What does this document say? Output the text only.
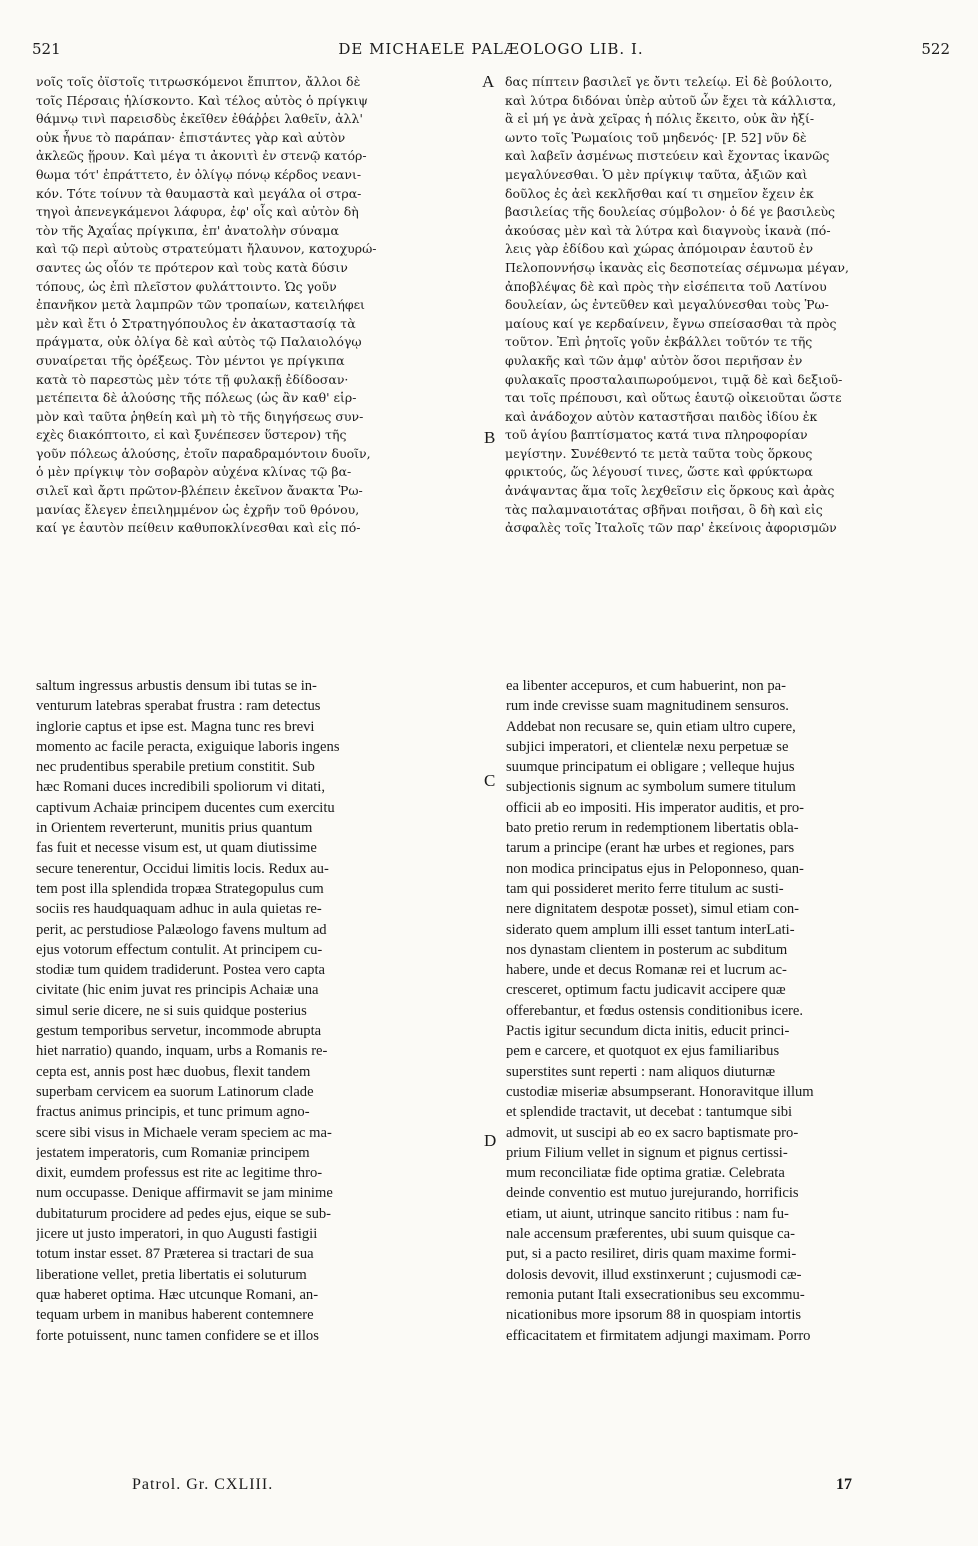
521	DE MICHAELE PALÆOLOGO LIB. I.	522
νοῖς τοῖς ὀϊστοῖς τιτρωσκόμενοι ἔπιπτον, ἄλλοι δὲ
τοῖς Πέρσαις ἡλίσκοντο. Καὶ τέλος αὐτὸς ὁ πρίγκιψ
θάμνῳ τινὶ παρεισδὺς ἐκεῖθεν ἐθάῤῥει λαθεῖν, ἀλλ'
οὐκ ἦνυε τὸ παράπαν· ἐπιστάντες γὰρ καὶ αὐτὸν
ἀκλεῶς ᾕρουν. Καὶ μέγα τι ἀκονιτὶ ἐν στενῷ κατόρ-
θωμα τότ' ἐπράττετο, ἐν ὀλίγῳ πόνῳ κέρδος νεανι-
κόν. Τότε τοίνυν τὰ θαυμαστὰ καὶ μεγάλα οἱ στρα-
τηγοὶ ἀπενεγκάμενοι λάφυρα, ἐφ' οἷς καὶ αὐτὸν δὴ
τὸν τῆς Ἀχαΐας πρίγκιπα, ἐπ' ἀνατολὴν σύναμα
καὶ τῷ περὶ αὐτοὺς στρατεύματι ἤλαυνον, κατοχυρώ-
σαντες ὡς οἷόν τε πρότερον καὶ τοὺς κατὰ δύσιν
τόπους, ὡς ἐπὶ πλεῖστον φυλάττοιντο. Ὡς γοῦν
ἐπανῆκον μετὰ λαμπρῶν τῶν τροπαίων, κατειλήφει
μὲν καὶ ἔτι ὁ Στρατηγόπουλος ἐν ἀκαταστασίᾳ τὰ
πράγματα, οὐκ ὀλίγα δὲ καὶ αὐτὸς τῷ Παλαιολόγῳ
συναίρεται τῆς ὀρέξεως. Τὸν μέντοι γε πρίγκιπα
κατὰ τὸ παρεστὼς μὲν τότε τῇ φυλακῇ ἐδίδοσαν·
μετέπειτα δὲ ἁλούσης τῆς πόλεως (ὡς ἂν καθ' εἱρ-
μὸν καὶ ταῦτα ῥηθείη καὶ μὴ τὸ τῆς διηγήσεως συν-
εχὲς διακόπτοιτο, εἰ καὶ ξυνέπεσεν ὕστερον) τῆς
γοῦν πόλεως ἁλούσης, ἐτοῖν παραδραμόντοιν δυοῖν,
ὁ μὲν πρίγκιψ τὸν σοβαρὸν αὐχένα κλίνας τῷ βα-
σιλεῖ καὶ ἄρτι πρῶτον-βλέπειν ἐκεῖνον ἄνακτα Ῥω-
μανίας ἔλεγεν ἐπειλημμένον ὡς ἐχρῆν τοῦ θρόνου,
καί γε ἑαυτὸν πείθειν καθυποκλίνεσθαι καὶ εἰς πό-
δας πίπτειν βασιλεῖ γε ὄντι τελείῳ. Εἰ δὲ βούλοιτο,
καὶ λύτρα διδόναι ὑπὲρ αὐτοῦ ὧν ἔχει τὰ κάλλιστα,
ἃ εἰ μή γε ἀνὰ χεῖρας ἡ πόλις ἔκειτο, οὐκ ἂν ἠξί-
ωντο τοῖς Ῥωμαίοις τοῦ μηδενός· [P. 52] νῦν δὲ
καὶ λαβεῖν ἀσμένως πιστεύειν καὶ ἔχοντας ἱκανῶς
μεγαλύνεσθαι. Ὁ μὲν πρίγκιψ ταῦτα, ἀξιῶν καὶ
δοῦλος ἐς ἀεὶ κεκλῆσθαι καί τι σημεῖον ἔχειν ἐκ
βασιλείας τῆς δουλείας σύμβολον· ὁ δέ γε βασιλεὺς
ἀκούσας μὲν καὶ τὰ λύτρα καὶ διαγνοὺς ἱκανὰ (πό-
λεις γὰρ ἐδίδου καὶ χώρας ἀπόμοιραν ἑαυτοῦ ἐν
Πελοποννήσῳ ἱκανὰς εἰς δεσποτείας σέμνωμα μέγαν,
ἀποβλέψας δὲ καὶ πρὸς τὴν εἰσέπειτα τοῦ Λατίνου
δουλείαν, ὡς ἐντεῦθεν καὶ μεγαλύνεσθαι τοὺς Ῥω-
μαίους καί γε κερδαίνειν, ἔγνω σπείσασθαι τὰ πρὸς
τοῦτον. Ἐπὶ ῥητοῖς γοῦν ἐκβάλλει τοῦτόν τε τῆς
φυλακῆς καὶ τῶν ἀμφ' αὐτὸν ὅσοι περιῆσαν ἐν
φυλακαῖς προσταλαιπωρούμενοι, τιμᾷ δὲ καὶ δεξιοῦ-
ται τοῖς πρέπουσι, καὶ οὕτως ἑαυτῷ οἰκειοῦται ὥστε
καὶ ἀνάδοχον αὐτὸν καταστῆσαι παιδὸς ἰδίου ἐκ
τοῦ ἁγίου βαπτίσματος κατά τινα πληροφορίαν
μεγίστην. Συνέθεντό τε μετὰ ταῦτα τοὺς ὅρκους
φρικτούς, ὥς λέγουσί τινες, ὥστε καὶ φρύκτωρα
ἀνάψαντας ἅμα τοῖς λεχθεῖσιν εἰς ὅρκους καὶ ἀρὰς
τὰς παλαμναιοτάτας σβῆναι ποιῆσαι, ὃ δὴ καὶ εἰς
ἀσφαλὲς τοῖς Ἰταλοῖς τῶν παρ' ἐκείνοις ἀφορισμῶν
saltum ingressus arbustis densum ibi tutas se in-
venturum latebras sperabat frustra : ram detectus
inglorie captus et ipse est. Magna tunc res brevi
momento ac facile peracta, exiguique laboris ingens
nec prudentibus sperabile pretium constitit. Sub
hæc Romani duces incredibili spoliorum vi ditati,
captivum Achaiæ principem ducentes cum exercitu
in Orientem reverterunt, munitis prius quantum
fas fuit et necesse visum est, ut quam diutissime
secure tenerentur, Occidui limitis locis. Redux au-
tem post illa splendida tropæa Strategopulus cum
sociis res haudquaquam adhuc in aula quietas re-
perit, ac perstudiose Palæologo favens multum ad
ejus votorum effectum contulit. At principem cu-
stodiæ tum quidem tradiderunt. Postea vero capta
civitate (hic enim juvat res principis Achaiæ una
simul serie dicere, ne si suis quidque posterius
gestum temporibus servetur, incommode abrupta
hiet narratio) quando, inquam, urbs a Romanis re-
cepta est, annis post hæc duobus, flexit tandem
superbam cervicem ea suorum Latinorum clade
fractus animus principis, et tunc primum agno-
scere sibi visus in Michaele veram speciem ac ma-
jestatem imperatoris, cum Romaniæ principem
dixit, eumdem professus est rite ac legitime thro-
num occupasse. Denique affirmavit se jam minime
dubitaturum procidere ad pedes ejus, eique se sub-
jicere ut justo imperatori, in quo Augusti fastigii
totum instar esset. 87 Præterea si tractari de sua
liberatione vellet, pretia libertatis ei soluturum
quæ haberet optima. Hæc utcunque Romani, an-
tequam urbem in manibus haberent contemnere
forte potuissent, nunc tamen confidere se et illos
ea libenter accepuros, et cum habuerint, non pa-
rum inde crevisse suam magnitudinem sensuros.
Addebat non recusare se, quin etiam ultro cupere,
subjici imperatori, et clientelæ nexu perpetuæ se
suumque principatum ei obligare ; velleque hujus
subjectionis signum ac symbolum sumere titulum
officii ab eo impositi. His imperator auditis, et pro-
bato pretio rerum in redemptionem libertatis obla-
tarum a principe (erant hæ urbes et regiones, pars
non modica principatus ejus in Peloponneso, quan-
tam qui possideret merito ferre titulum ac susti-
nere dignitatem despotæ posset), simul etiam con-
siderato quem amplum illi esset tantum interLati-
nos dynastam clientem in posterum ac subditum
habere, unde et decus Romanæ rei et lucrum ac-
cresceret, optimum factu judicavit accipere quæ
offerebantur, et fœdus ostensis conditionibus icere.
Pactis igitur secundum dicta initis, educit princi-
pem e carcere, et quotquot ex ejus familiaribus
superstites sunt reperti : nam aliquos diuturnæ
custodiæ miseriæ absumpserant. Honoravitque illum
et splendide tractavit, ut decebat : tantumque sibi
admovit, ut suscipi ab eo ex sacro baptismate pro-
prium Filium vellet in signum et pignus certissi-
mum reconciliatæ fide optima gratiæ. Celebrata
deinde conventio est mutuo jurejurando, horrificis
etiam, ut aiunt, utrinque sancito ritibus : nam fu-
nale accensum præferentes, ubi suum quisque ca-
put, si a pacto resiliret, diris quam maxime formi-
dolosis devovit, illud exstinxerunt ; cujusmodi cæ-
remonia putant Itali exsecrationibus seu excommu-
nicationibus more ipsorum 88 in quospiam intortis
efficacitatem et firmitatem adjungi maximam. Porro
A
B
C
D
Patrol. Gr. CXLIII.	17
